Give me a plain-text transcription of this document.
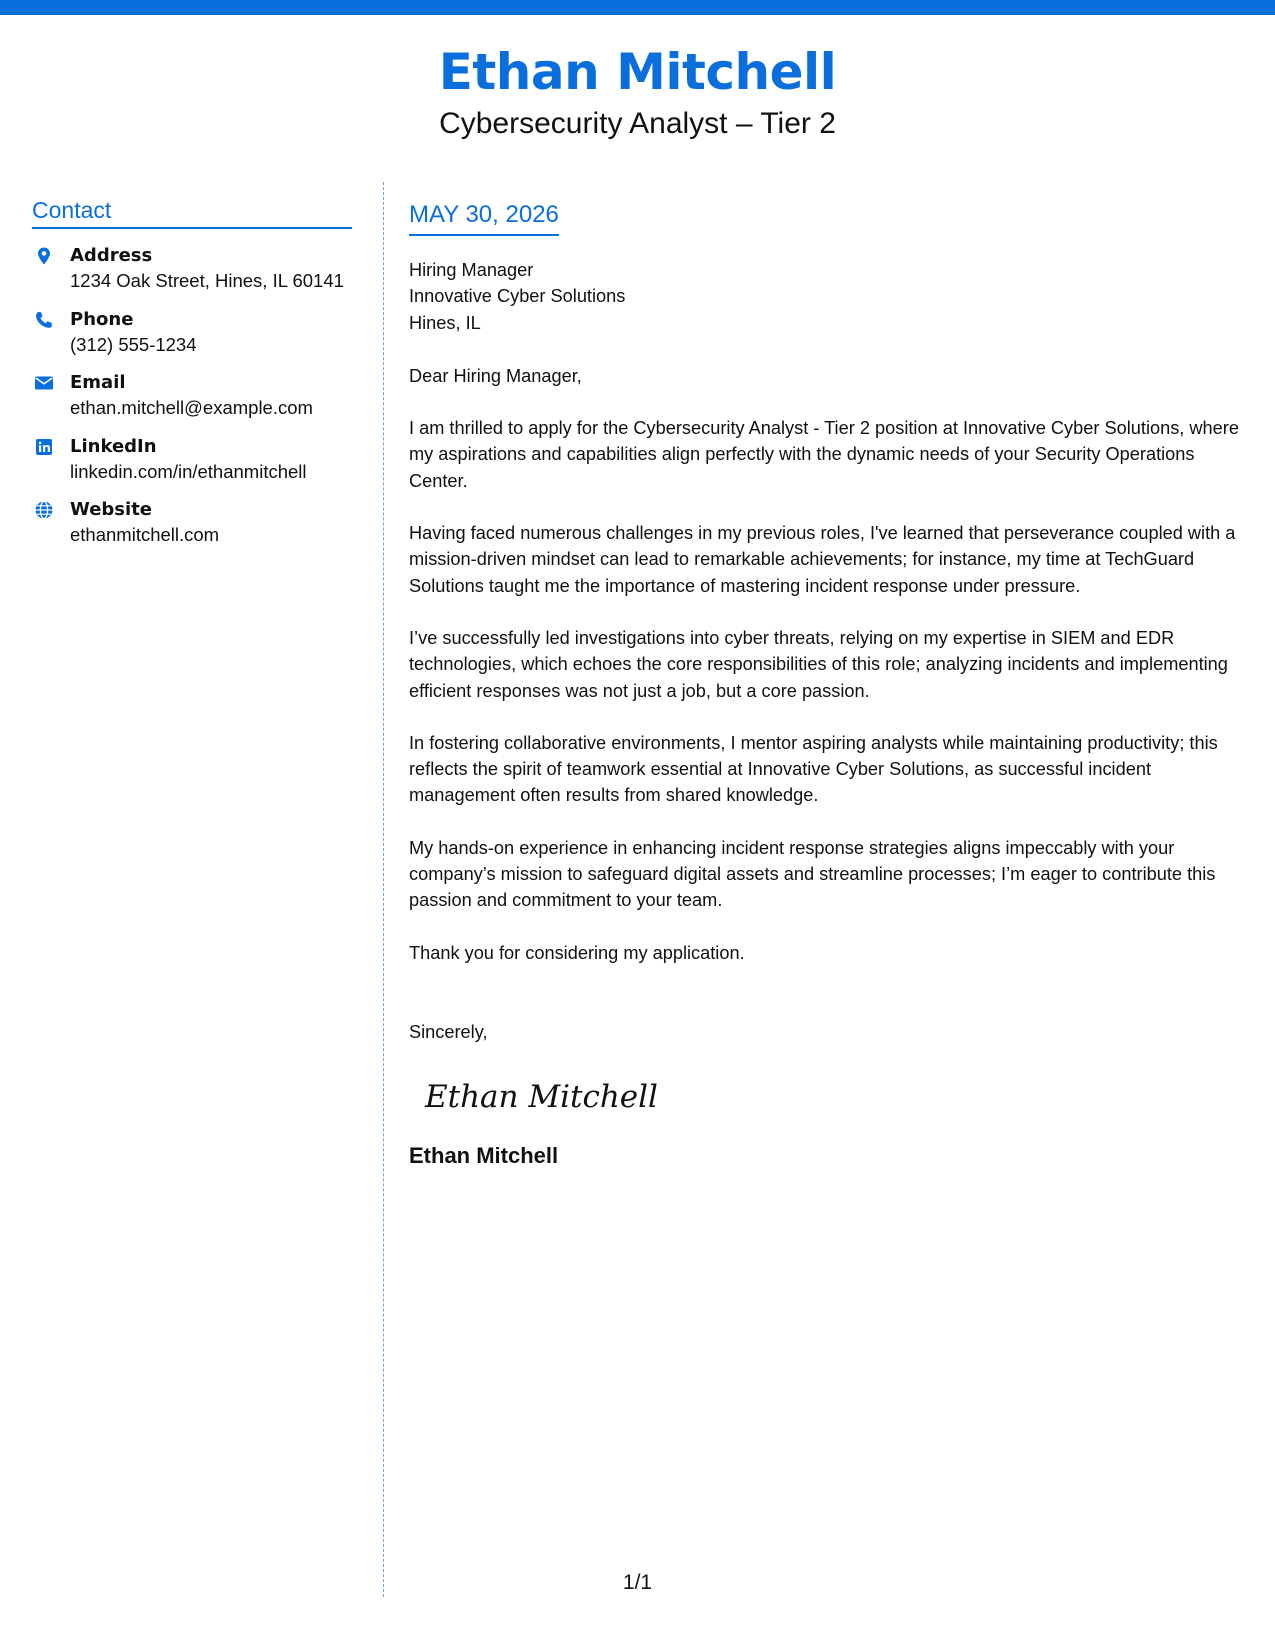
Ethan Mitchell
Cybersecurity Analyst – Tier 2
Contact
Address
1234 Oak Street, Hines, IL 60141
Phone
(312) 555-1234
Email
ethan.mitchell@example.com
LinkedIn
linkedin.com/in/ethanmitchell
Website
ethanmitchell.com
MAY 30, 2026
Hiring Manager
Innovative Cyber Solutions
Hines, IL
Dear Hiring Manager,
I am thrilled to apply for the Cybersecurity Analyst - Tier 2 position at Innovative Cyber Solutions, where my aspirations and capabilities align perfectly with the dynamic needs of your Security Operations Center.
Having faced numerous challenges in my previous roles, I've learned that perseverance coupled with a mission-driven mindset can lead to remarkable achievements; for instance, my time at TechGuard Solutions taught me the importance of mastering incident response under pressure.
I’ve successfully led investigations into cyber threats, relying on my expertise in SIEM and EDR technologies, which echoes the core responsibilities of this role; analyzing incidents and implementing efficient responses was not just a job, but a core passion.
In fostering collaborative environments, I mentor aspiring analysts while maintaining productivity; this reflects the spirit of teamwork essential at Innovative Cyber Solutions, as successful incident management often results from shared knowledge.
My hands-on experience in enhancing incident response strategies aligns impeccably with your company’s mission to safeguard digital assets and streamline processes; I’m eager to contribute this passion and commitment to your team.
Thank you for considering my application.
Sincerely,
Ethan Mitchell
Ethan Mitchell
1/1
